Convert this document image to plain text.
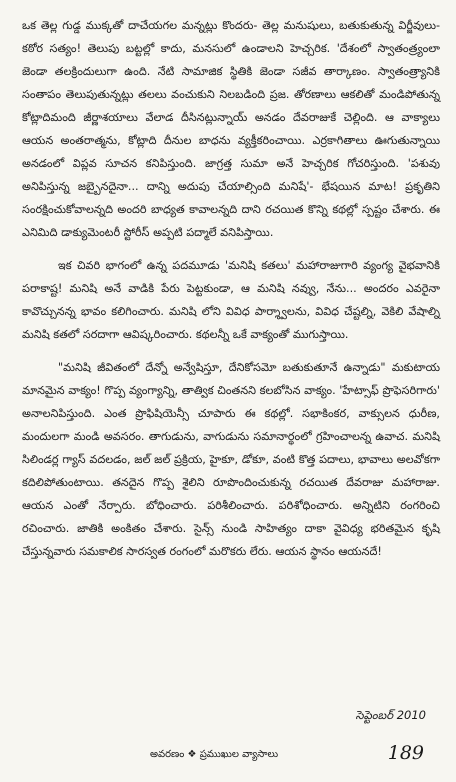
ఒక తెల్ల గుడ్డ ముక్కతో దాచేయగల మన్నట్లు కొందరు- తెల్ల మనుషులు, బతుకుతున్న విర్జీవులు- కఠోర సత్యం! తెలుపు బట్టల్లో కాదు, మనసులో ఉండాలని హెచ్చరిక. 'దేశంలో స్వాతంత్ర్యంలా జెండా తలక్రిందులుగా ఉంది. నేటి సామాజిక స్థితికి జెండా సజీవ తార్కాణం. స్వాతంత్ర్యానికి సంతాపం తెలుపుతున్నట్లు తలలు వంచుకుని నిలబడింది ప్రజ. తోరణాలు ఆకలితో మండిపోతున్న కోట్లాదిమంది జీర్ణాశయాలు వేలాడ దీసినట్లున్నాయ్ అనడం దేవరాజుకే చెల్లింది. ఆ వాక్యాలు ఆయన అంతరాత్మను, కోట్లాది దీనుల బాధను వ్యక్తీకరించాయి. ఎర్రకాగితాలు ఊగుతున్నాయి అనడంలో విప్లవ సూచన కనిపిస్తుంది. జాగ్రత్త సుమా అనే హెచ్చరిక గోచరిస్తుంది. 'పశువు అనిపిస్తున్న జబ్బైనదైనా... దాన్ని అదుపు చేయాల్సింది మనిషే'- భేషయిన మాట! ప్రకృతిని సంరక్షించుకోవాలన్నది అందరి బాధ్యత కావాలన్నది దాని రచయిత కొన్ని కథల్లో స్పష్టం చేశారు. ఈ ఎనిమిది డాక్యుమెంటరీ స్టోరీస్ అప్పటి పద్మాలే వనిపిస్తాయి.

ఇక చివరి భాగంలో ఉన్న పదమూడు 'మనిషి కతలు' మహారాజుగారి వ్యంగ్య వైభవానికి పరాకాష్ట! మనిషి అనే వాడికి పేరు పెట్టకుండా, ఆ మనిషి నవ్వు, నేను... అందరం ఎవరైనా కావొచ్చునన్న భావం కలిగించారు. మనిషి లోని వివిధ పార్శ్వాలను, వివిధ చేష్టల్ని, వెకిలి వేషాల్ని మనిషి కతలో సరదాగా ఆవిష్కరించారు. కథలన్నీ ఒకే వాక్యంతో ముగుస్తాయి.

"మనిషి జీవితంలో దేన్నో అన్వేషిస్తూ, దేనికోసమో బతుకుతూనే ఉన్నాడు" మకుటాయ మానమైన వాక్యం! గొప్ప వ్యంగ్యాన్ని, తాత్విక చింతనని కలబోసిన వాక్యం. 'హేట్సాఫ్ ప్రొఫెసరిగారు' అనాలనిపిస్తుంది. ఎంత ప్రొఫిషియెన్సీ చూపారు ఈ కథల్లో. సభాకింకర, వాక్సులన ధురీణ, మందులగా మండి అవసరం. తాగుడును, వాగుడును సమానార్థంలో గ్రహించాలన్న ఉవాచ. మనిషి సిలిండర్ల గ్యాస్ వదలడం, జల్ జల్ ప్రక్రియ, హైకూ, డోకూ, వంటి కొత్త పదాలు, భావాలు అలవోకగా కదిలిపోతుంటాయి. తనదైన గొప్ప శైలిని రూపొందించుకున్న రచయిత దేవరాజు మహారాజు. ఆయన ఎంతో నేర్పారు. బోధించారు. పరిశీలించారు. పరిశోధించారు. అన్నిటిని రంగరించి రచించారు. జాతికి అంకితం చేశారు. సైన్స్ నుండి సాహిత్యం దాకా వైవిధ్య భరితమైన కృషి చేస్తున్నవారు సమకాలిక సారస్వత రంగంలో మరొకరు లేరు. ఆయన స్థానం ఆయనదే!

సెప్టెంబర్ 2010
అవరణం ❖ ప్రముఖుల వ్యాసాలు	189
